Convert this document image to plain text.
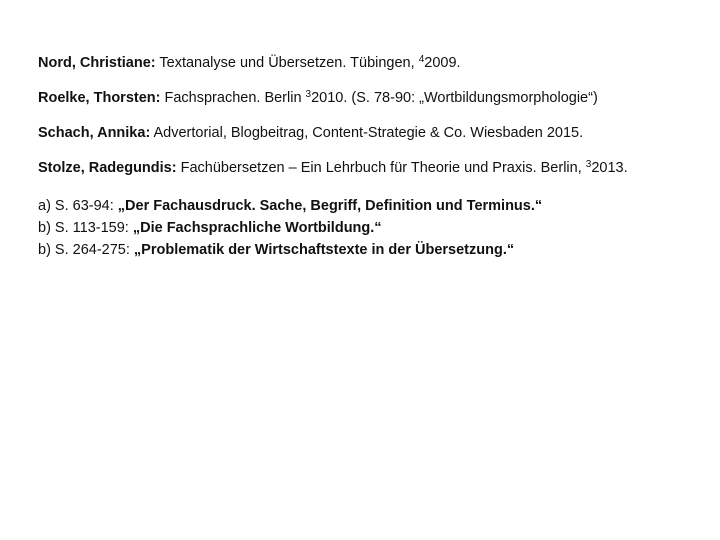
Nord, Christiane: Textanalyse und Übersetzen. Tübingen, $^4$2009.

Roelke, Thorsten: Fachsprachen. Berlin $^3$2010. (S. 78-90: „Wortbildungsmorphologie“)

Schach, Annika: Advertorial, Blogbeitrag, Content-Strategie & Co. Wiesbaden 2015.

Stolze, Radegundis: Fachübersetzen – Ein Lehrbuch für Theorie und Praxis. Berlin, $^3$2013.

a) S. 63-94: „Der Fachausdruck. Sache, Begriff, Definition und Terminus.“

b) S. 113-159: „Die Fachsprachliche Wortbildung.“

b) S. 264-275: „Problematik der Wirtschaftstexte in der Übersetzung.“
